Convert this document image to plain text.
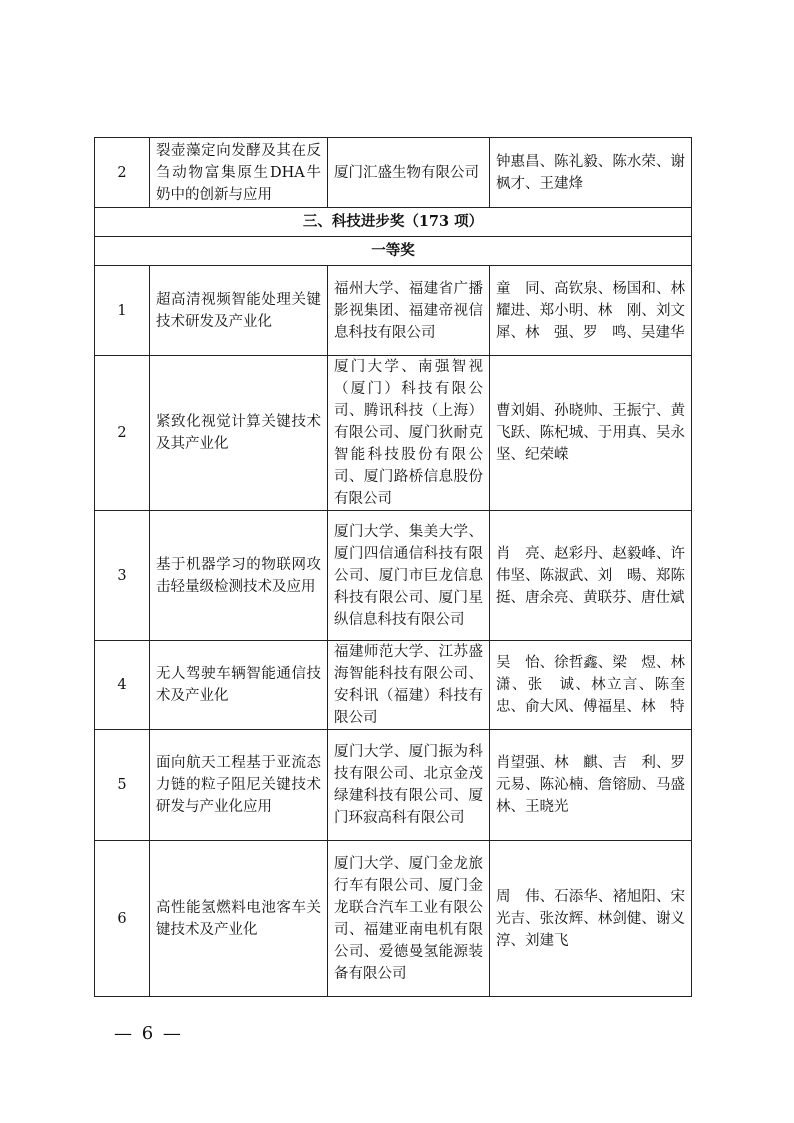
2	裂壶藻定向发酵及其在反刍动物富集原生DHA牛奶中的创新与应用	厦门汇盛生物有限公司	钟惠昌、陈礼毅、陈水荣、谢枫才、王建烽
三、科技进步奖（173 项）			
一等奖			
1	超高清视频智能处理关键技术研发及产业化	福州大学、福建省广播影视集团、福建帝视信息科技有限公司	童　同、高钦泉、杨国和、林耀进、郑小明、林　刚、刘文犀、林　强、罗　鸣、吴建华
2	紧致化视觉计算关键技术及其产业化	厦门大学、南强智视（厦门）科技有限公司、腾讯科技（上海）有限公司、厦门狄耐克智能科技股份有限公司、厦门路桥信息股份有限公司	曹刘娟、孙晓帅、王振宁、黄飞跃、陈杞城、于用真、吴永坚、纪荣嵘
3	基于机器学习的物联网攻击轻量级检测技术及应用	厦门大学、集美大学、厦门四信通信科技有限公司、厦门市巨龙信息科技有限公司、厦门星纵信息科技有限公司	肖　亮、赵彩丹、赵毅峰、许伟坚、陈淑武、刘　暘、郑陈挺、唐余亮、黄联芬、唐仕斌
4	无人驾驶车辆智能通信技术及产业化	福建师范大学、江苏盛海智能科技有限公司、安科讯（福建）科技有限公司	吴　怡、徐哲鑫、梁　煜、林　潇、张　诚、林立言、陈奎忠、俞大风、傅福星、林　特
5	面向航天工程基于亚流态力链的粒子阻尼关键技术研发与产业化应用	厦门大学、厦门振为科技有限公司、北京金茂绿建科技有限公司、厦门环寂高科有限公司	肖望强、林　麒、吉　利、罗元易、陈沁楠、詹镕励、马盛林、王晓光
6	高性能氢燃料电池客车关键技术及产业化	厦门大学、厦门金龙旅行车有限公司、厦门金龙联合汽车工业有限公司、福建亚南电机有限公司、爱德曼氢能源装备有限公司	周　伟、石添华、褚旭阳、宋光吉、张汝辉、林剑健、谢义淳、刘建飞
— 6 —
